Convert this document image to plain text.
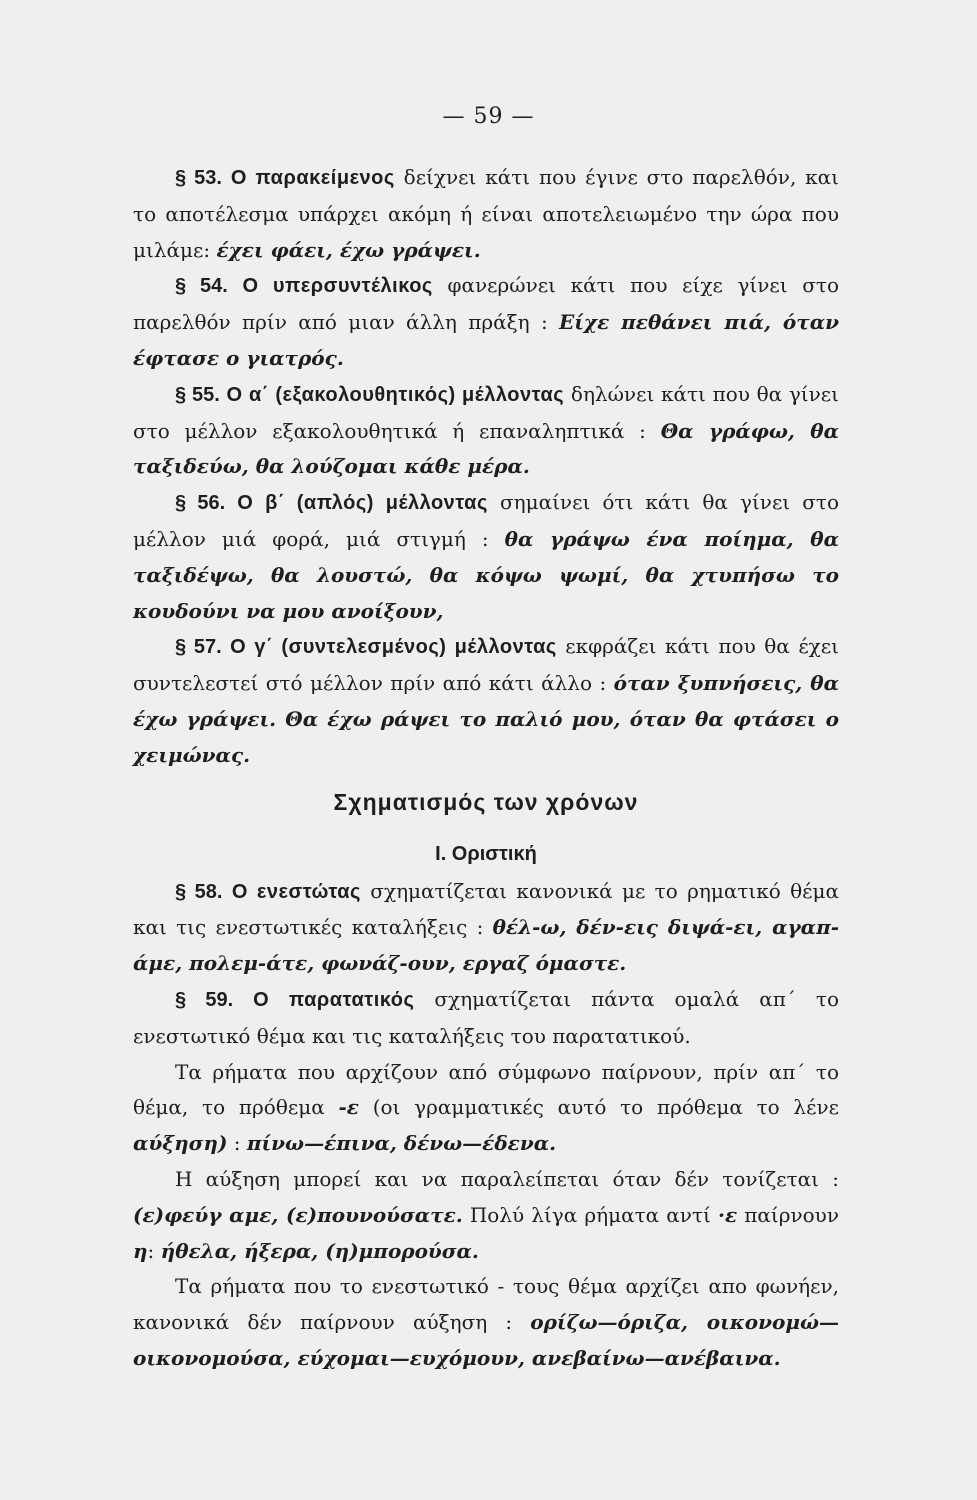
— 59 —

§ 53. Ο παρακείμενος δείχνει κάτι που έγινε στο παρελθόν, και το αποτέλεσμα υπάρχει ακόμη ή είναι αποτελειωμένο την ώρα που μιλάμε: έχει φάει, έχω γράψει.

§ 54. Ο υπερσυντέλικος φανερώνει κάτι που είχε γίνει στο παρελθόν πρίν από μιαν άλλη πράξη : Είχε πεθάνει πιά, όταν έφτασε ο γιατρός.

§ 55. Ο α΄ (εξακολουθητικός) μέλλοντας δηλώνει κάτι που θα γίνει στο μέλλον εξακολουθητικά ή επαναληπτικά : Θα γράφω, θα ταξιδεύω, θα λούζομαι κάθε μέρα.

§ 56. Ο β΄ (απλός) μέλλοντας σημαίνει ότι κάτι θα γίνει στο μέλλον μιά φορά, μιά στιγμή : θα γράψω ένα ποίημα, θα ταξιδέψω, θα λουστώ, θα κόψω ψωμί, θα χτυπήσω το κουδούνι να μου ανοίξουν,

§ 57. Ο γ΄ (συντελεσμένος) μέλλοντας εκφράζει κάτι που θα έχει συντελεστεί στό μέλλον πρίν από κάτι άλλο : όταν ξυπνήσεις, θα έχω γράψει. Θα έχω ράψει το παλιό μου, όταν θα φτάσει ο χειμώνας.

Σχηματισμός των χρόνων

Ι. Οριστική

§ 58. Ο ενεστώτας σχηματίζεται κανονικά με το ρηματικό θέμα και τις ενεστωτικές καταλήξεις : θέλ-ω, δέν-εις διψά-ει, αγαπ-άμε, πολεμ-άτε, φωνάζ-ουν, εργαζ όμαστε.

§ 59. Ο παρατατικός σχηματίζεται πάντα ομαλά απ΄ το ενεστωτικό θέμα και τις καταλήξεις του παρατατικού.

Τα ρήματα που αρχίζουν από σύμφωνο παίρνουν, πρίν απ΄ το θέμα, το πρόθεμα -ε (οι γραμματικές αυτό το πρόθεμα το λένε αύξηση) : πίνω—έπινα, δένω—έδενα.

Η αύξηση μπορεί και να παραλείπεται όταν δέν τονίζεται : (ε)φεύγ αμε, (ε)πουνούσατε. Πολύ λίγα ρήματα αντί ·ε παίρνουν η: ήθελα, ήξερα, (η)μπορούσα.

Τα ρήματα που το ενεστωτικό - τους θέμα αρχίζει απο φωνήεν, κανονικά δέν παίρνουν αύξηση : ορίζω—όριζα, οικονομώ—οικονομούσα, εύχομαι—ευχόμουν, ανεβαίνω—ανέβαινα.
